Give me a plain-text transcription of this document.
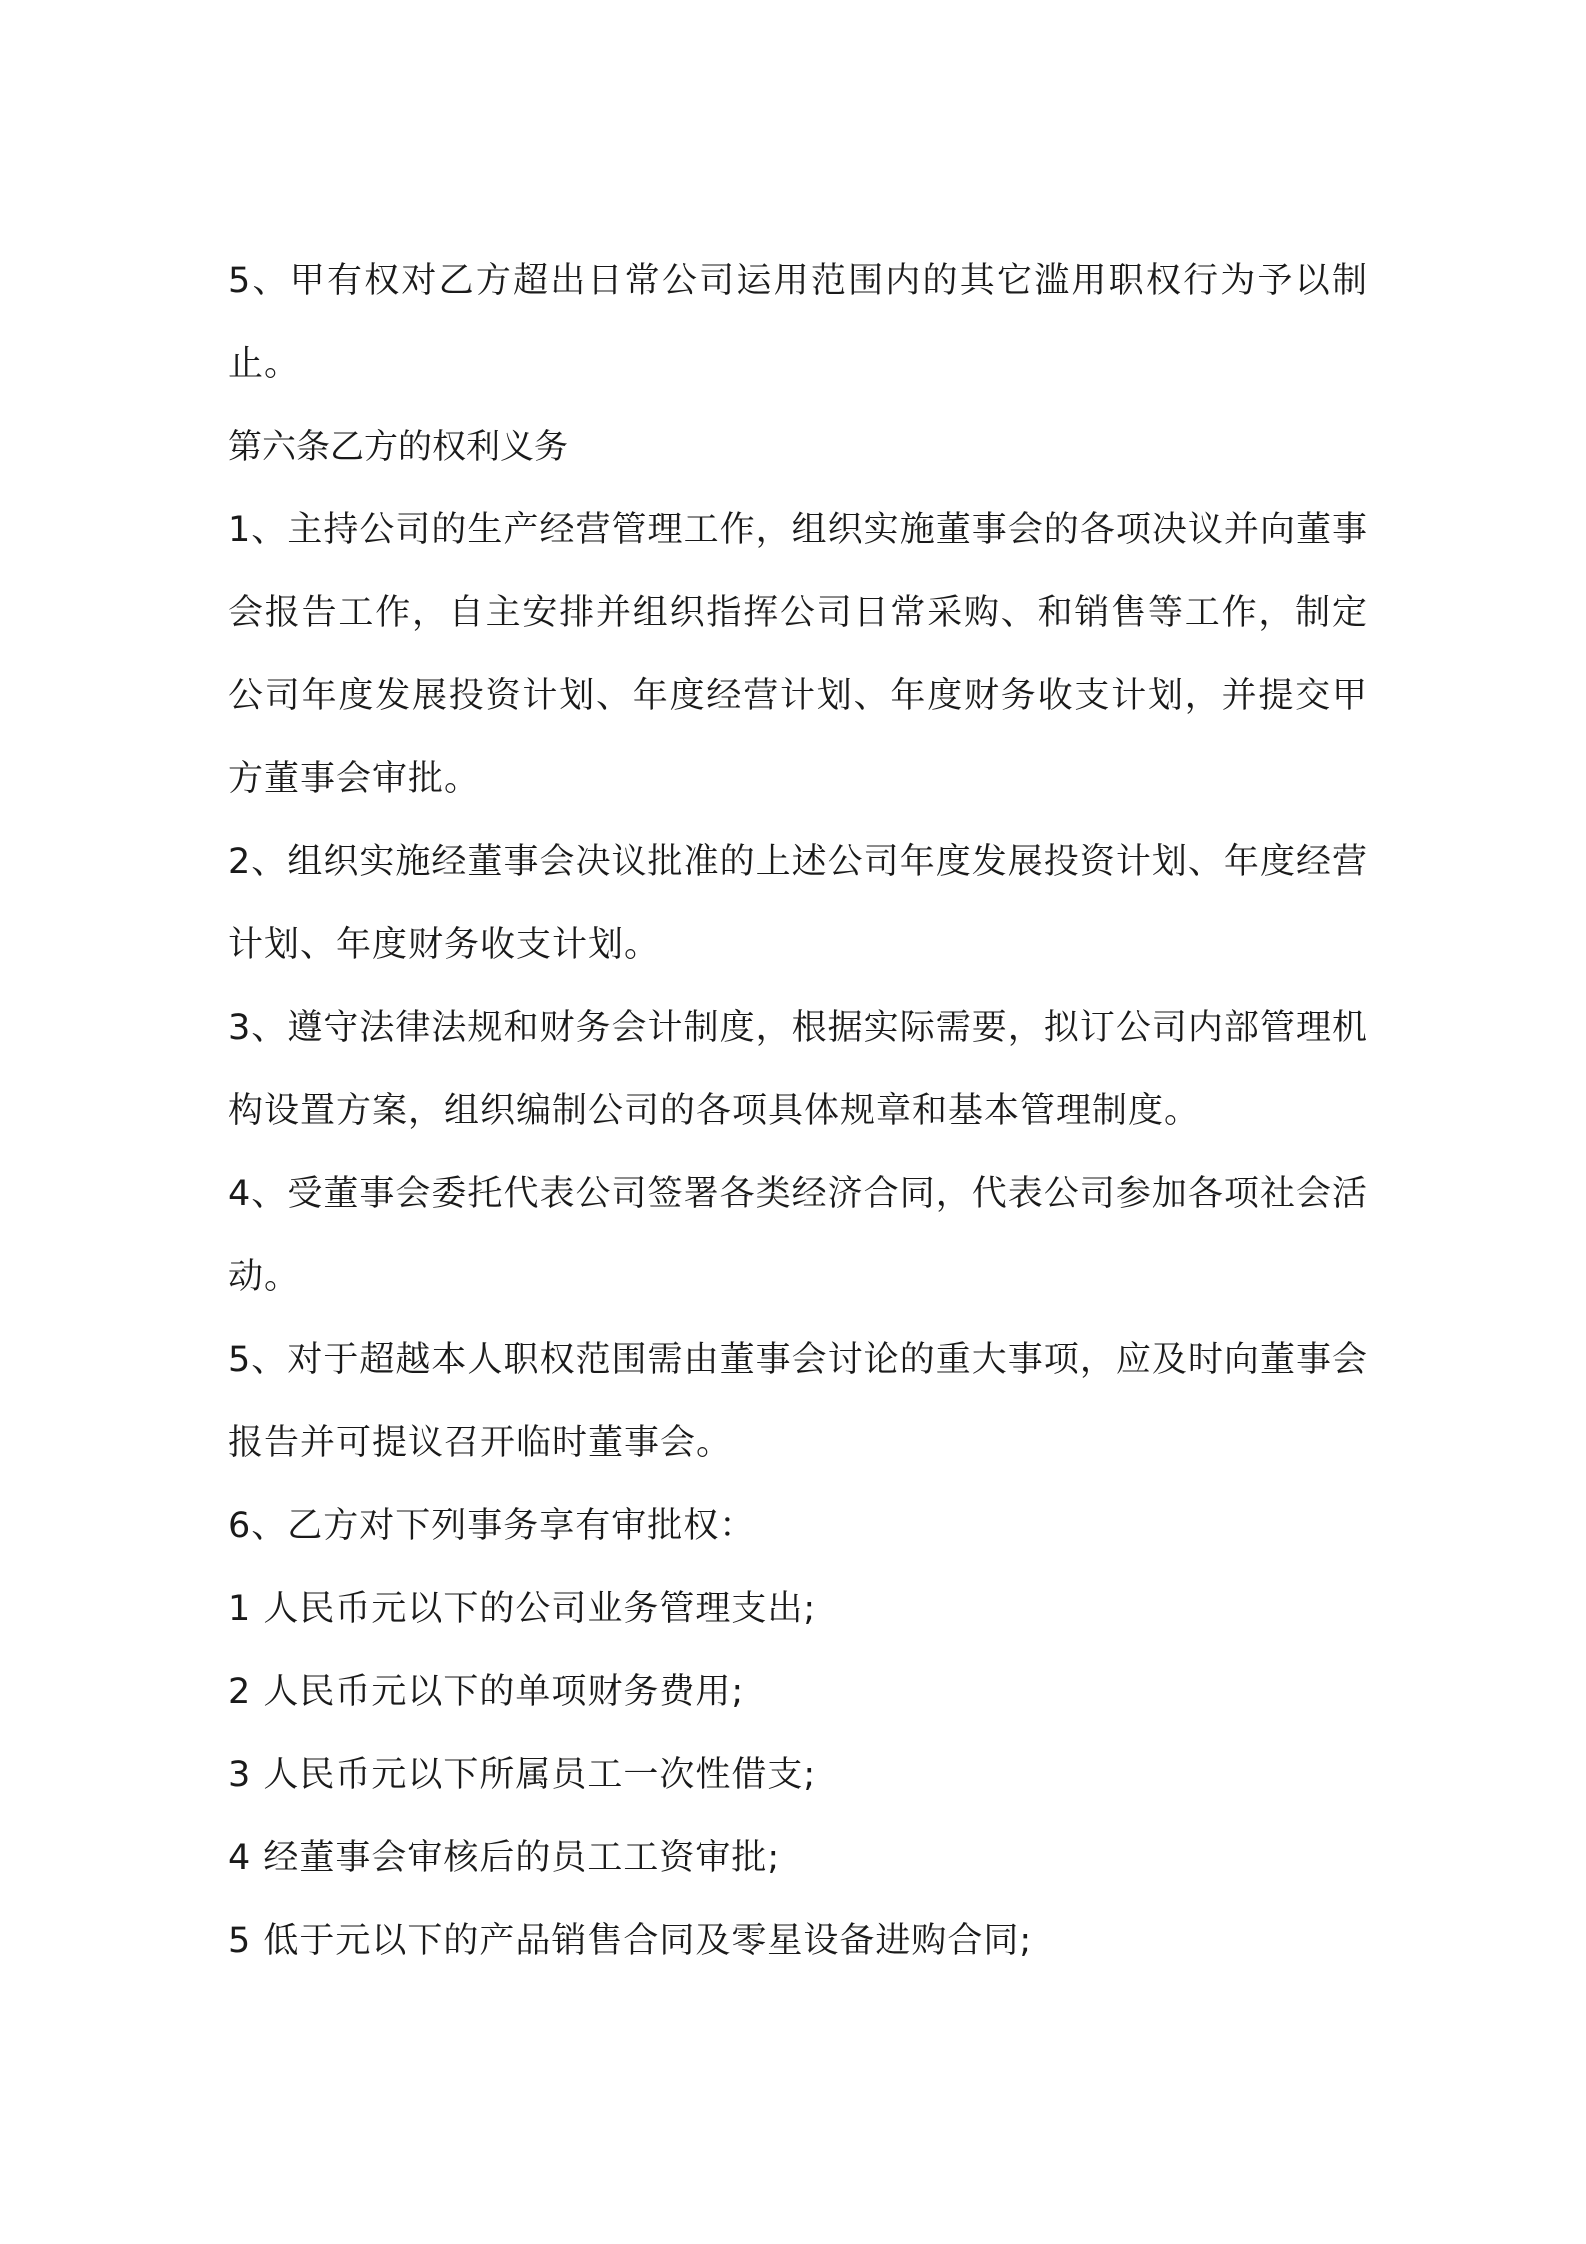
5、甲有权对乙方超出日常公司运用范围内的其它滥用职权行为予以制止。

第六条乙方的权利义务

1、主持公司的生产经营管理工作，组织实施董事会的各项决议并向董事会报告工作，自主安排并组织指挥公司日常采购、和销售等工作，制定公司年度发展投资计划、年度经营计划、年度财务收支计划，并提交甲方董事会审批。

2、组织实施经董事会决议批准的上述公司年度发展投资计划、年度经营计划、年度财务收支计划。

3、遵守法律法规和财务会计制度，根据实际需要，拟订公司内部管理机构设置方案，组织编制公司的各项具体规章和基本管理制度。

4、受董事会委托代表公司签署各类经济合同，代表公司参加各项社会活动。

5、对于超越本人职权范围需由董事会讨论的重大事项，应及时向董事会报告并可提议召开临时董事会。

6、乙方对下列事务享有审批权：

1 人民币元以下的公司业务管理支出;

2 人民币元以下的单项财务费用;

3 人民币元以下所属员工一次性借支;

4 经董事会审核后的员工工资审批;

5 低于元以下的产品销售合同及零星设备进购合同;
